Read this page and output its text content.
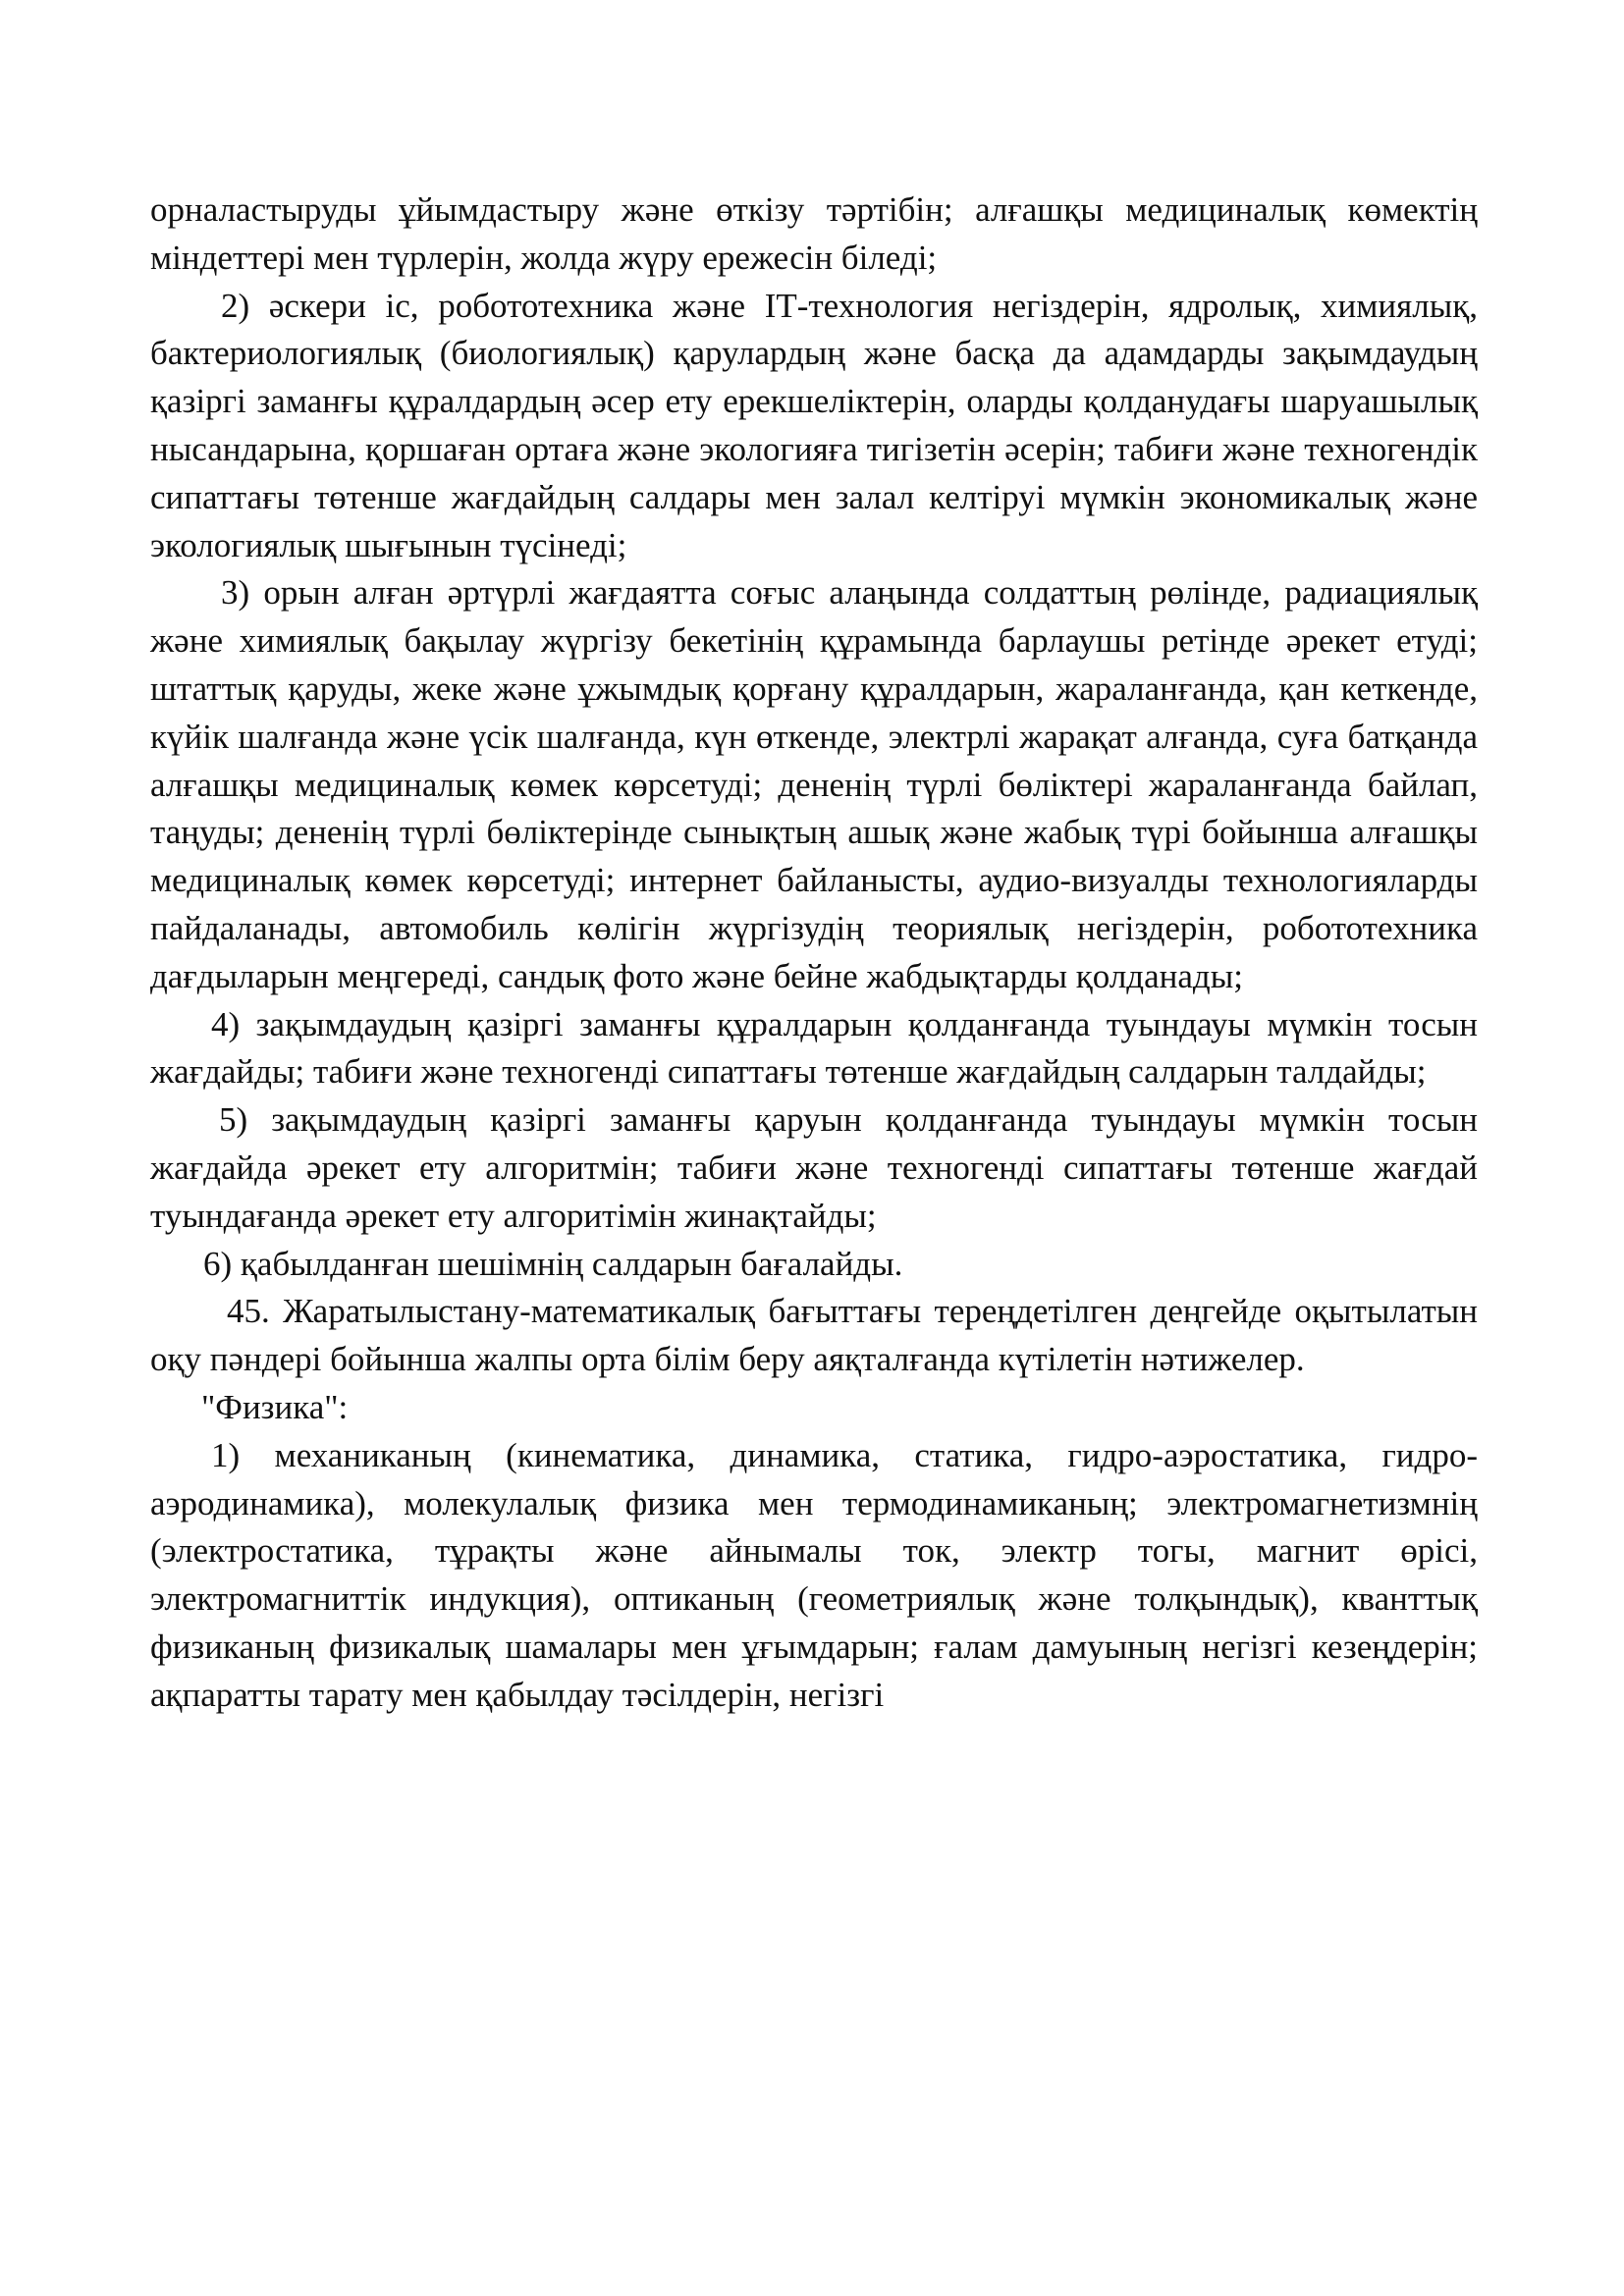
орналастыруды ұйымдастыру және өткізу тәртібін; алғашқы медициналық көмектің міндеттері мен түрлерін, жолда жүру ережесін біледі;

2) әскери іс, робототехника және ІТ-технология негіздерін, ядролық, химиялық, бактериологиялық (биологиялық) қарулардың және басқа да адамдарды зақымдаудың қазіргі заманғы құралдардың әсер ету ерекшеліктерін, оларды қолданудағы шаруашылық нысандарына, қоршаған ортаға және экологияға тигізетін әсерін; табиғи және техногендік сипаттағы төтенше жағдайдың салдары мен залал келтіруі мүмкін экономикалық және экологиялық шығынын түсінеді;

3) орын алған әртүрлі жағдаятта соғыс алаңында солдаттың рөлінде, радиациялық және химиялық бақылау жүргізу бекетінің құрамында барлаушы ретінде әрекет етуді; штаттық қаруды, жеке және ұжымдық қорғану құралдарын, жараланғанда, қан кеткенде, күйік шалғанда және үсік шалғанда, күн өткенде, электрлі жарақат алғанда, суға батқанда алғашқы медициналық көмек көрсетуді; дененің түрлі бөліктері жараланғанда байлап, таңуды; дененің түрлі бөліктерінде сынықтың ашық және жабық түрі бойынша алғашқы медициналық көмек көрсетуді; интернет байланысты, аудио-визуалды технологияларды пайдаланады, автомобиль көлігін жүргізудің теориялық негіздерін, робототехника дағдыларын меңгереді, сандық фото және бейне жабдықтарды қолданады;

4) зақымдаудың қазіргі заманғы құралдарын қолданғанда туындауы мүмкін тосын жағдайды; табиғи және техногенді сипаттағы төтенше жағдайдың салдарын талдайды;

5) зақымдаудың қазіргі заманғы қаруын қолданғанда туындауы мүмкін тосын жағдайда әрекет ету алгоритмін; табиғи және техногенді сипаттағы төтенше жағдай туындағанда әрекет ету алгоритімін жинақтайды;

6) қабылданған шешімнің салдарын бағалайды.

45. Жаратылыстану-математикалық бағыттағы тереңдетілген деңгейде оқытылатын оқу пәндері бойынша жалпы орта білім беру аяқталғанда күтілетін нәтижелер.

"Физика":

1) механиканың (кинематика, динамика, статика, гидро-аэростатика, гидро-аэродинамика), молекулалық физика мен термодинамиканың; электромагнетизмнің (электростатика, тұрақты және айнымалы ток, электр тогы, магнит өрісі, электромагниттік индукция), оптиканың (геометриялық және толқындық), кванттық физиканың физикалық шамалары мен ұғымдарын; ғалам дамуының негізгі кезеңдерін; ақпаратты тарату мен қабылдау тәсілдерін, негізгі
